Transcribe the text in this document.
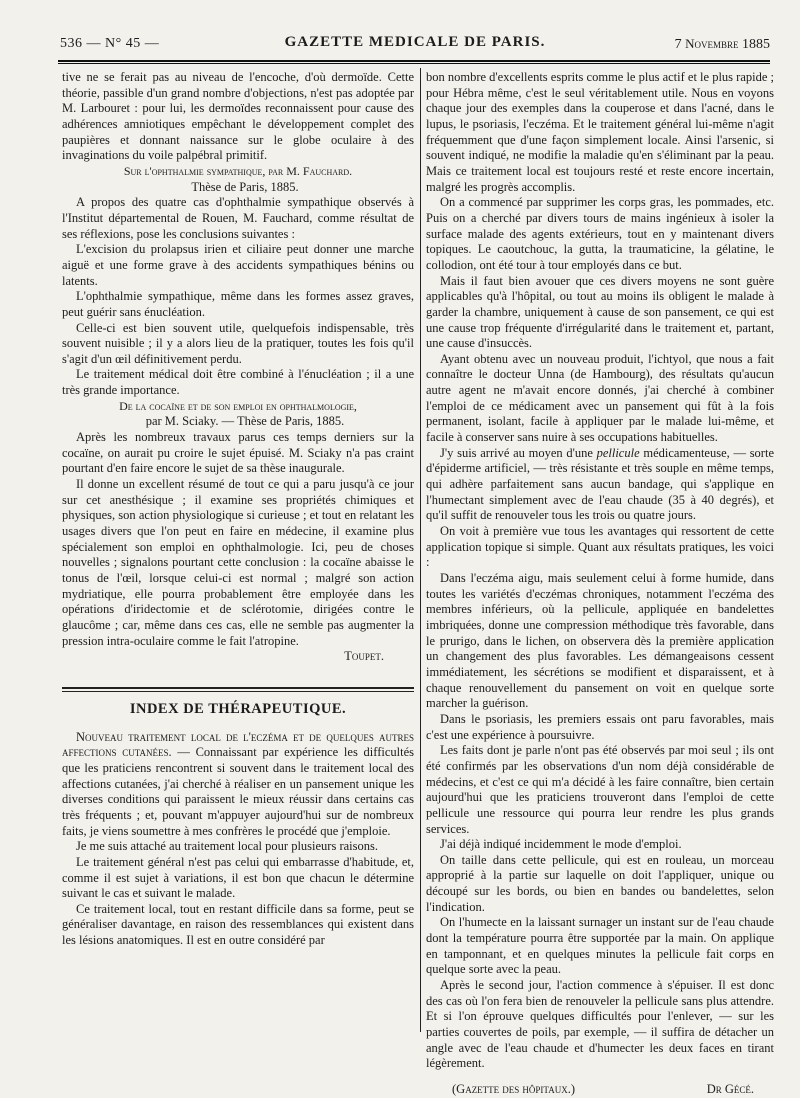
536 — N° 45 —	GAZETTE MEDICALE DE PARIS.	7 Novembre 1885

tive ne se ferait pas au niveau de l'encoche, d'où dermoïde. Cette théorie, passible d'un grand nombre d'objections, n'est pas adoptée par M. Larbouret : pour lui, les dermoïdes reconnaissent pour cause des adhérences amniotiques empêchant le développement complet des paupières et donnant naissance sur le globe oculaire à des invaginations du voile palpébral primitif.

Sur l'ophthalmie sympathique, par M. Fauchard.

Thèse de Paris, 1885.

A propos des quatre cas d'ophthalmie sympathique observés à l'Institut départemental de Rouen, M. Fauchard, comme résultat de ses réflexions, pose les conclusions suivantes :

L'excision du prolapsus irien et ciliaire peut donner une marche aiguë et une forme grave à des accidents sympathiques bénins ou latents.

L'ophthalmie sympathique, même dans les formes assez graves, peut guérir sans énucléation.

Celle-ci est bien souvent utile, quelquefois indispensable, très souvent nuisible ; il y a alors lieu de la pratiquer, toutes les fois qu'il s'agit d'un œil définitivement perdu.

Le traitement médical doit être combiné à l'énucléation ; il a une très grande importance.

De la cocaïne et de son emploi en ophthalmologie,

par M. Sciaky. — Thèse de Paris, 1885.

Après les nombreux travaux parus ces temps derniers sur la cocaïne, on aurait pu croire le sujet épuisé. M. Sciaky n'a pas craint pourtant d'en faire encore le sujet de sa thèse inaugurale.

Il donne un excellent résumé de tout ce qui a paru jusqu'à ce jour sur cet anesthésique ; il examine ses propriétés chimiques et physiques, son action physiologique si curieuse ; et tout en relatant les usages divers que l'on peut en faire en médecine, il examine plus spécialement son emploi en ophthalmologie. Ici, peu de choses nouvelles ; signalons pourtant cette conclusion : la cocaïne abaisse le tonus de l'œil, lorsque celui-ci est normal ; malgré son action mydriatique, elle pourra probablement être employée dans les opérations d'iridectomie et de sclérotomie, dirigées contre le glaucôme ; car, même dans ces cas, elle ne semble pas augmenter la pression intra-oculaire comme le fait l'atropine.

Toupet.

INDEX DE THÉRAPEUTIQUE.

Nouveau traitement local de l'eczéma et de quelques autres affections cutanées. — Connaissant par expérience les difficultés que les praticiens rencontrent si souvent dans le traitement local des affections cutanées, j'ai cherché à réaliser en un pansement unique les diverses conditions qui paraissent le mieux réussir dans certains cas très fréquents ; et, pouvant m'appuyer aujourd'hui sur de nombreux faits, je viens soumettre à mes confrères le procédé que j'emploie.

Je me suis attaché au traitement local pour plusieurs raisons.

Le traitement général n'est pas celui qui embarrasse d'habitude, et, comme il est sujet à variations, il est bon que chacun le détermine suivant le cas et suivant le malade.

Ce traitement local, tout en restant difficile dans sa forme, peut se généraliser davantage, en raison des ressemblances qui existent dans les lésions anatomiques. Il est en outre considéré par

bon nombre d'excellents esprits comme le plus actif et le plus rapide ; pour Hébra même, c'est le seul véritablement utile. Nous en voyons chaque jour des exemples dans la couperose et dans l'acné, dans le lupus, le psoriasis, l'eczéma. Et le traitement général lui-même n'agit fréquemment que d'une façon simplement locale. Ainsi l'arsenic, si souvent indiqué, ne modifie la maladie qu'en s'éliminant par la peau. Mais ce traitement local est toujours resté et reste encore incertain, malgré les progrès accomplis.

On a commencé par supprimer les corps gras, les pommades, etc. Puis on a cherché par divers tours de mains ingénieux à isoler la surface malade des agents extérieurs, tout en y maintenant divers topiques. Le caoutchouc, la gutta, la traumaticine, la gélatine, le collodion, ont été tour à tour employés dans ce but.

Mais il faut bien avouer que ces divers moyens ne sont guère applicables qu'à l'hôpital, ou tout au moins ils obligent le malade à garder la chambre, uniquement à cause de son pansement, ce qui est une cause trop fréquente d'irrégularité dans le traitement et, partant, une cause d'insuccès.

Ayant obtenu avec un nouveau produit, l'ichtyol, que nous a fait connaître le docteur Unna (de Hambourg), des résultats qu'aucun autre agent ne m'avait encore donnés, j'ai cherché à combiner l'emploi de ce médicament avec un pansement qui fût à la fois permanent, isolant, facile à appliquer par le malade lui-même, et facile à conserver sans nuire à ses occupations habituelles.

J'y suis arrivé au moyen d'une pellicule médicamenteuse, — sorte d'épiderme artificiel, — très résistante et très souple en même temps, qui adhère parfaitement sans aucun bandage, qui s'applique en l'humectant simplement avec de l'eau chaude (35 à 40 degrés), et qu'il suffit de renouveler tous les trois ou quatre jours.

On voit à première vue tous les avantages qui ressortent de cette application topique si simple. Quant aux résultats pratiques, les voici :

Dans l'eczéma aigu, mais seulement celui à forme humide, dans toutes les variétés d'eczémas chroniques, notamment l'eczéma des membres inférieurs, où la pellicule, appliquée en bandelettes imbriquées, donne une compression méthodique très favorable, dans le prurigo, dans le lichen, on observera dès la première application un changement des plus favorables. Les démangeaisons cessent immédiatement, les sécrétions se modifient et disparaissent, et à chaque renouvellement du pansement on voit en quelque sorte marcher la guérison.

Dans le psoriasis, les premiers essais ont paru favorables, mais c'est une expérience à poursuivre.

Les faits dont je parle n'ont pas été observés par moi seul ; ils ont été confirmés par les observations d'un nom déjà considérable de médecins, et c'est ce qui m'a décidé à les faire connaître, bien certain aujourd'hui que les praticiens trouveront dans l'emploi de cette pellicule une ressource qui pourra leur rendre les plus grands services.

J'ai déjà indiqué incidemment le mode d'emploi.

On taille dans cette pellicule, qui est en rouleau, un morceau approprié à la partie sur laquelle on doit l'appliquer, unique ou découpé sur les bords, ou bien en bandes ou bandelettes, selon l'indication.

On l'humecte en la laissant surnager un instant sur de l'eau chaude dont la température pourra être supportée par la main. On applique en tamponnant, et en quelques minutes la pellicule fait corps en quelque sorte avec la peau.

Après le second jour, l'action commence à s'épuiser. Il est donc des cas où l'on fera bien de renouveler la pellicule sans plus attendre. Et si l'on éprouve quelques difficultés pour l'enlever, — sur les parties couvertes de poils, par exemple, — il suffira de détacher un angle avec de l'eau chaude et d'humecter les deux faces en tirant légèrement.

(Gazette des hôpitaux.)	Dr Gécé.
